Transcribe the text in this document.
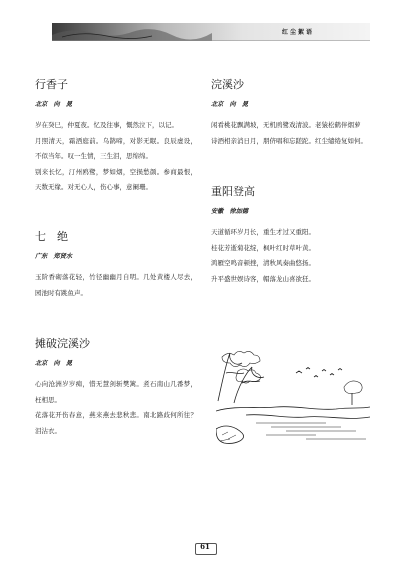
红尘絮语
行香子
北京　向　晁

岁在癸巳，仲夏夜。忆及往事，慨然泣下，以记。

月照清天，霜洒庭前。乌鹊啼，对影无眠。良辰虚设，不似当年。叹一生情，三生泪，思绵绵。

别来长忆，汀州鸥鹭，梦如烟，空损愁颜。参商最恨，天数无缘。对无心人，伤心事，意阑珊。

七　绝
广东　郑贤水

玉阶香砌落花轻，竹径幽幽月自明。几处黄楼人尽去，园池时有跳鱼声。

摊破浣溪沙
北京　向　晁

心向沧洲岁岁痴，惜无慧剑斩樊篱。煮石南山几番梦，枉相思。

花落花开伤春意，燕来燕去悲秋悲。南北路歧何所往？泪沾衣。

浣溪沙
北京　向　晁

闲看桃花飘满坡，无机鸥鹭戏清波。老猿松鹤伴烟萝

诗酒相亲消日月，朋侪唱和忘蹉跎。红尘缱绻复如何。

重阳登高
安徽　徐加德

天道循环岁月长，重生才过又重阳。

桂花芳逝菊花绽，枫叶红时草叶黄。

鸿雁空鸣音顿挫，清秋风奏曲悠扬。

升平盛世娱诗客，帽落龙山喜欲狂。

61
